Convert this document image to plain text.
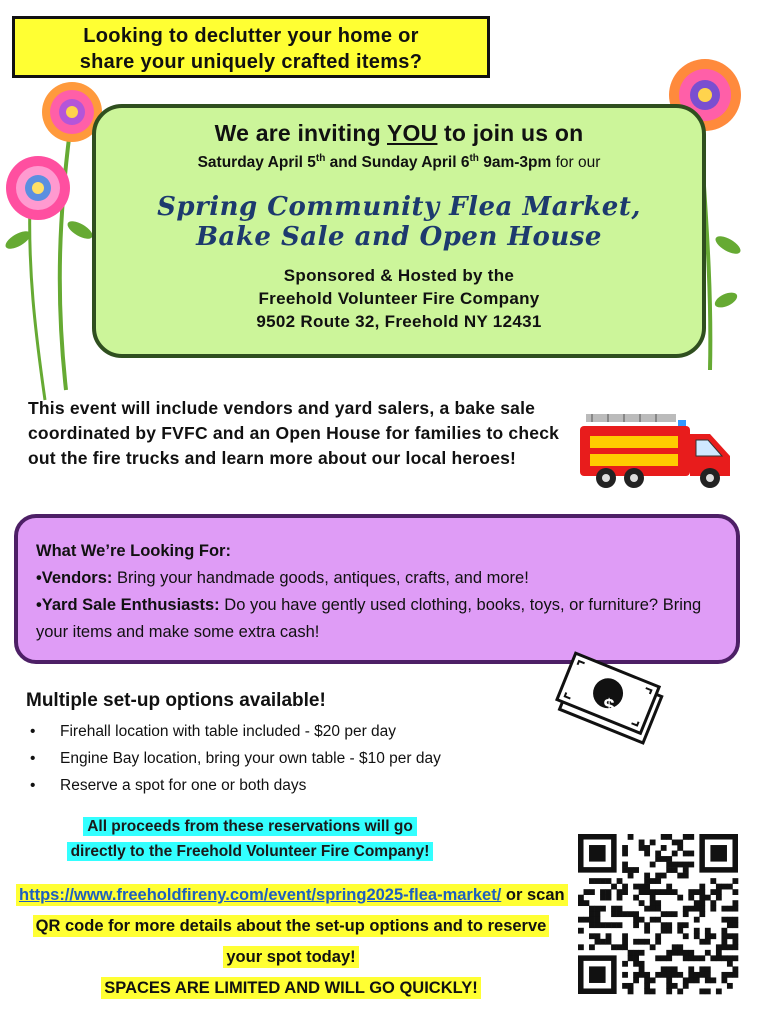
Looking to declutter your home or
share your uniquely crafted items?
We are inviting YOU to join us on
Saturday April 5th and Sunday April 6th 9am-3pm for our
Spring Community Flea Market,
Bake Sale and Open House
Sponsored & Hosted by the
Freehold Volunteer Fire Company
9502 Route 32, Freehold NY 12431
This event will include vendors and yard salers, a bake sale coordinated by FVFC and an Open House for families to check out the fire trucks and learn more about our local heroes!
What We’re Looking For:
•Vendors: Bring your handmade goods, antiques, crafts, and more!
•Yard Sale Enthusiasts: Do you have gently used clothing, books, toys, or furniture? Bring your items and make some extra cash!
Multiple set-up options available!
• Firehall location with table included - $20 per day
• Engine Bay location, bring your own table - $10 per day
• Reserve a spot for one or both days
$
All proceeds from these reservations will go
directly to the Freehold Volunteer Fire Company!
https://www.freeholdfireny.com/event/spring2025-flea-market/ or scan QR code for more details about the set-up options and to reserve your spot today!
SPACES ARE LIMITED AND WILL GO QUICKLY!
